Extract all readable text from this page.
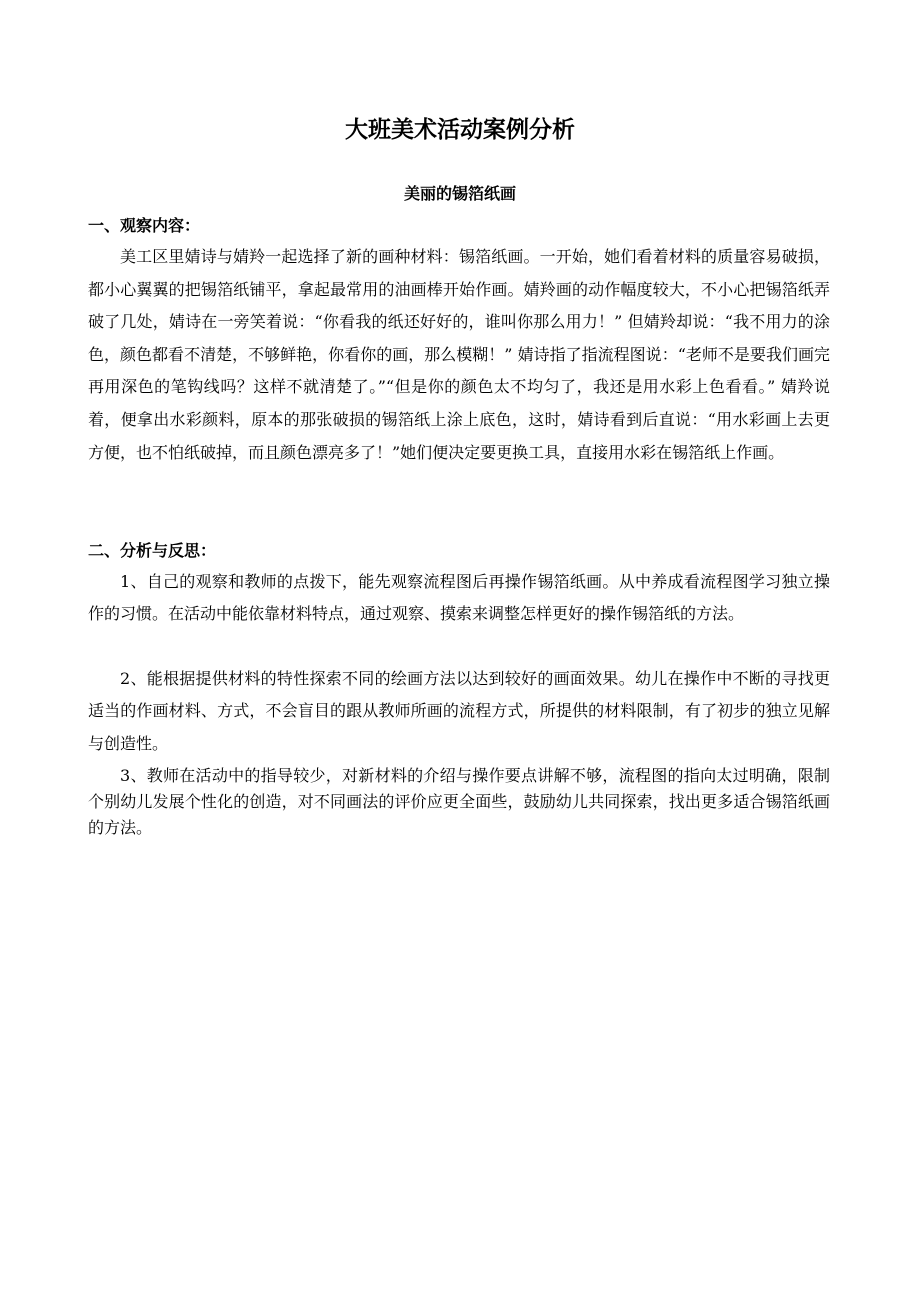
大班美术活动案例分析
美丽的锡箔纸画
一、观察内容：

美工区里婧诗与婧羚一起选择了新的画种材料：锡箔纸画。一开始，她们看着材料的质量容易破损，都小心翼翼的把锡箔纸铺平，拿起最常用的油画棒开始作画。婧羚画的动作幅度较大，不小心把锡箔纸弄破了几处，婧诗在一旁笑着说：“你看我的纸还好好的，谁叫你那么用力！” 但婧羚却说：“我不用力的涂色，颜色都看不清楚，不够鲜艳，你看你的画，那么模糊！” 婧诗指了指流程图说：“老师不是要我们画完再用深色的笔钩线吗？这样不就清楚了。”“但是你的颜色太不均匀了，我还是用水彩上色看看。” 婧羚说着，便拿出水彩颜料，原本的那张破损的锡箔纸上涂上底色，这时，婧诗看到后直说：“用水彩画上去更方便，也不怕纸破掉，而且颜色漂亮多了！”她们便决定要更换工具，直接用水彩在锡箔纸上作画。

二、分析与反思：

1、自己的观察和教师的点拨下，能先观察流程图后再操作锡箔纸画。从中养成看流程图学习独立操作的习惯。在活动中能依靠材料特点，通过观察、摸索来调整怎样更好的操作锡箔纸的方法。

2、能根据提供材料的特性探索不同的绘画方法以达到较好的画面效果。幼儿在操作中不断的寻找更适当的作画材料、方式，不会盲目的跟从教师所画的流程方式，所提供的材料限制，有了初步的独立见解与创造性。

3、教师在活动中的指导较少，对新材料的介绍与操作要点讲解不够，流程图的指向太过明确，限制个别幼儿发展个性化的创造，对不同画法的评价应更全面些，鼓励幼儿共同探索，找出更多适合锡箔纸画的方法。
